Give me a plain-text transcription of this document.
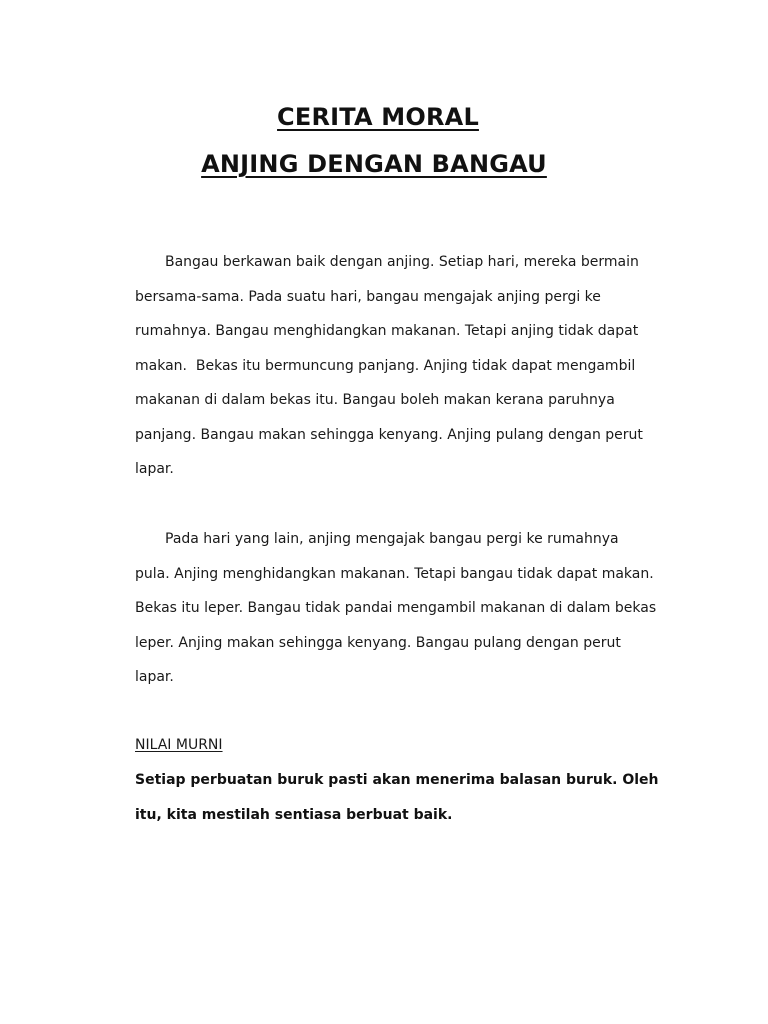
CERITA MORAL
ANJING DENGAN BANGAU

Bangau berkawan baik dengan anjing. Setiap hari, mereka bermain
bersama-sama. Pada suatu hari, bangau mengajak anjing pergi ke
rumahnya. Bangau menghidangkan makanan. Tetapi anjing tidak dapat
makan.  Bekas itu bermuncung panjang. Anjing tidak dapat mengambil
makanan di dalam bekas itu. Bangau boleh makan kerana paruhnya
panjang. Bangau makan sehingga kenyang. Anjing pulang dengan perut
lapar.

Pada hari yang lain, anjing mengajak bangau pergi ke rumahnya
pula. Anjing menghidangkan makanan. Tetapi bangau tidak dapat makan.
Bekas itu leper. Bangau tidak pandai mengambil makanan di dalam bekas
leper. Anjing makan sehingga kenyang. Bangau pulang dengan perut
lapar.

NILAI MURNI

Setiap perbuatan buruk pasti akan menerima balasan buruk. Oleh
itu, kita mestilah sentiasa berbuat baik.
